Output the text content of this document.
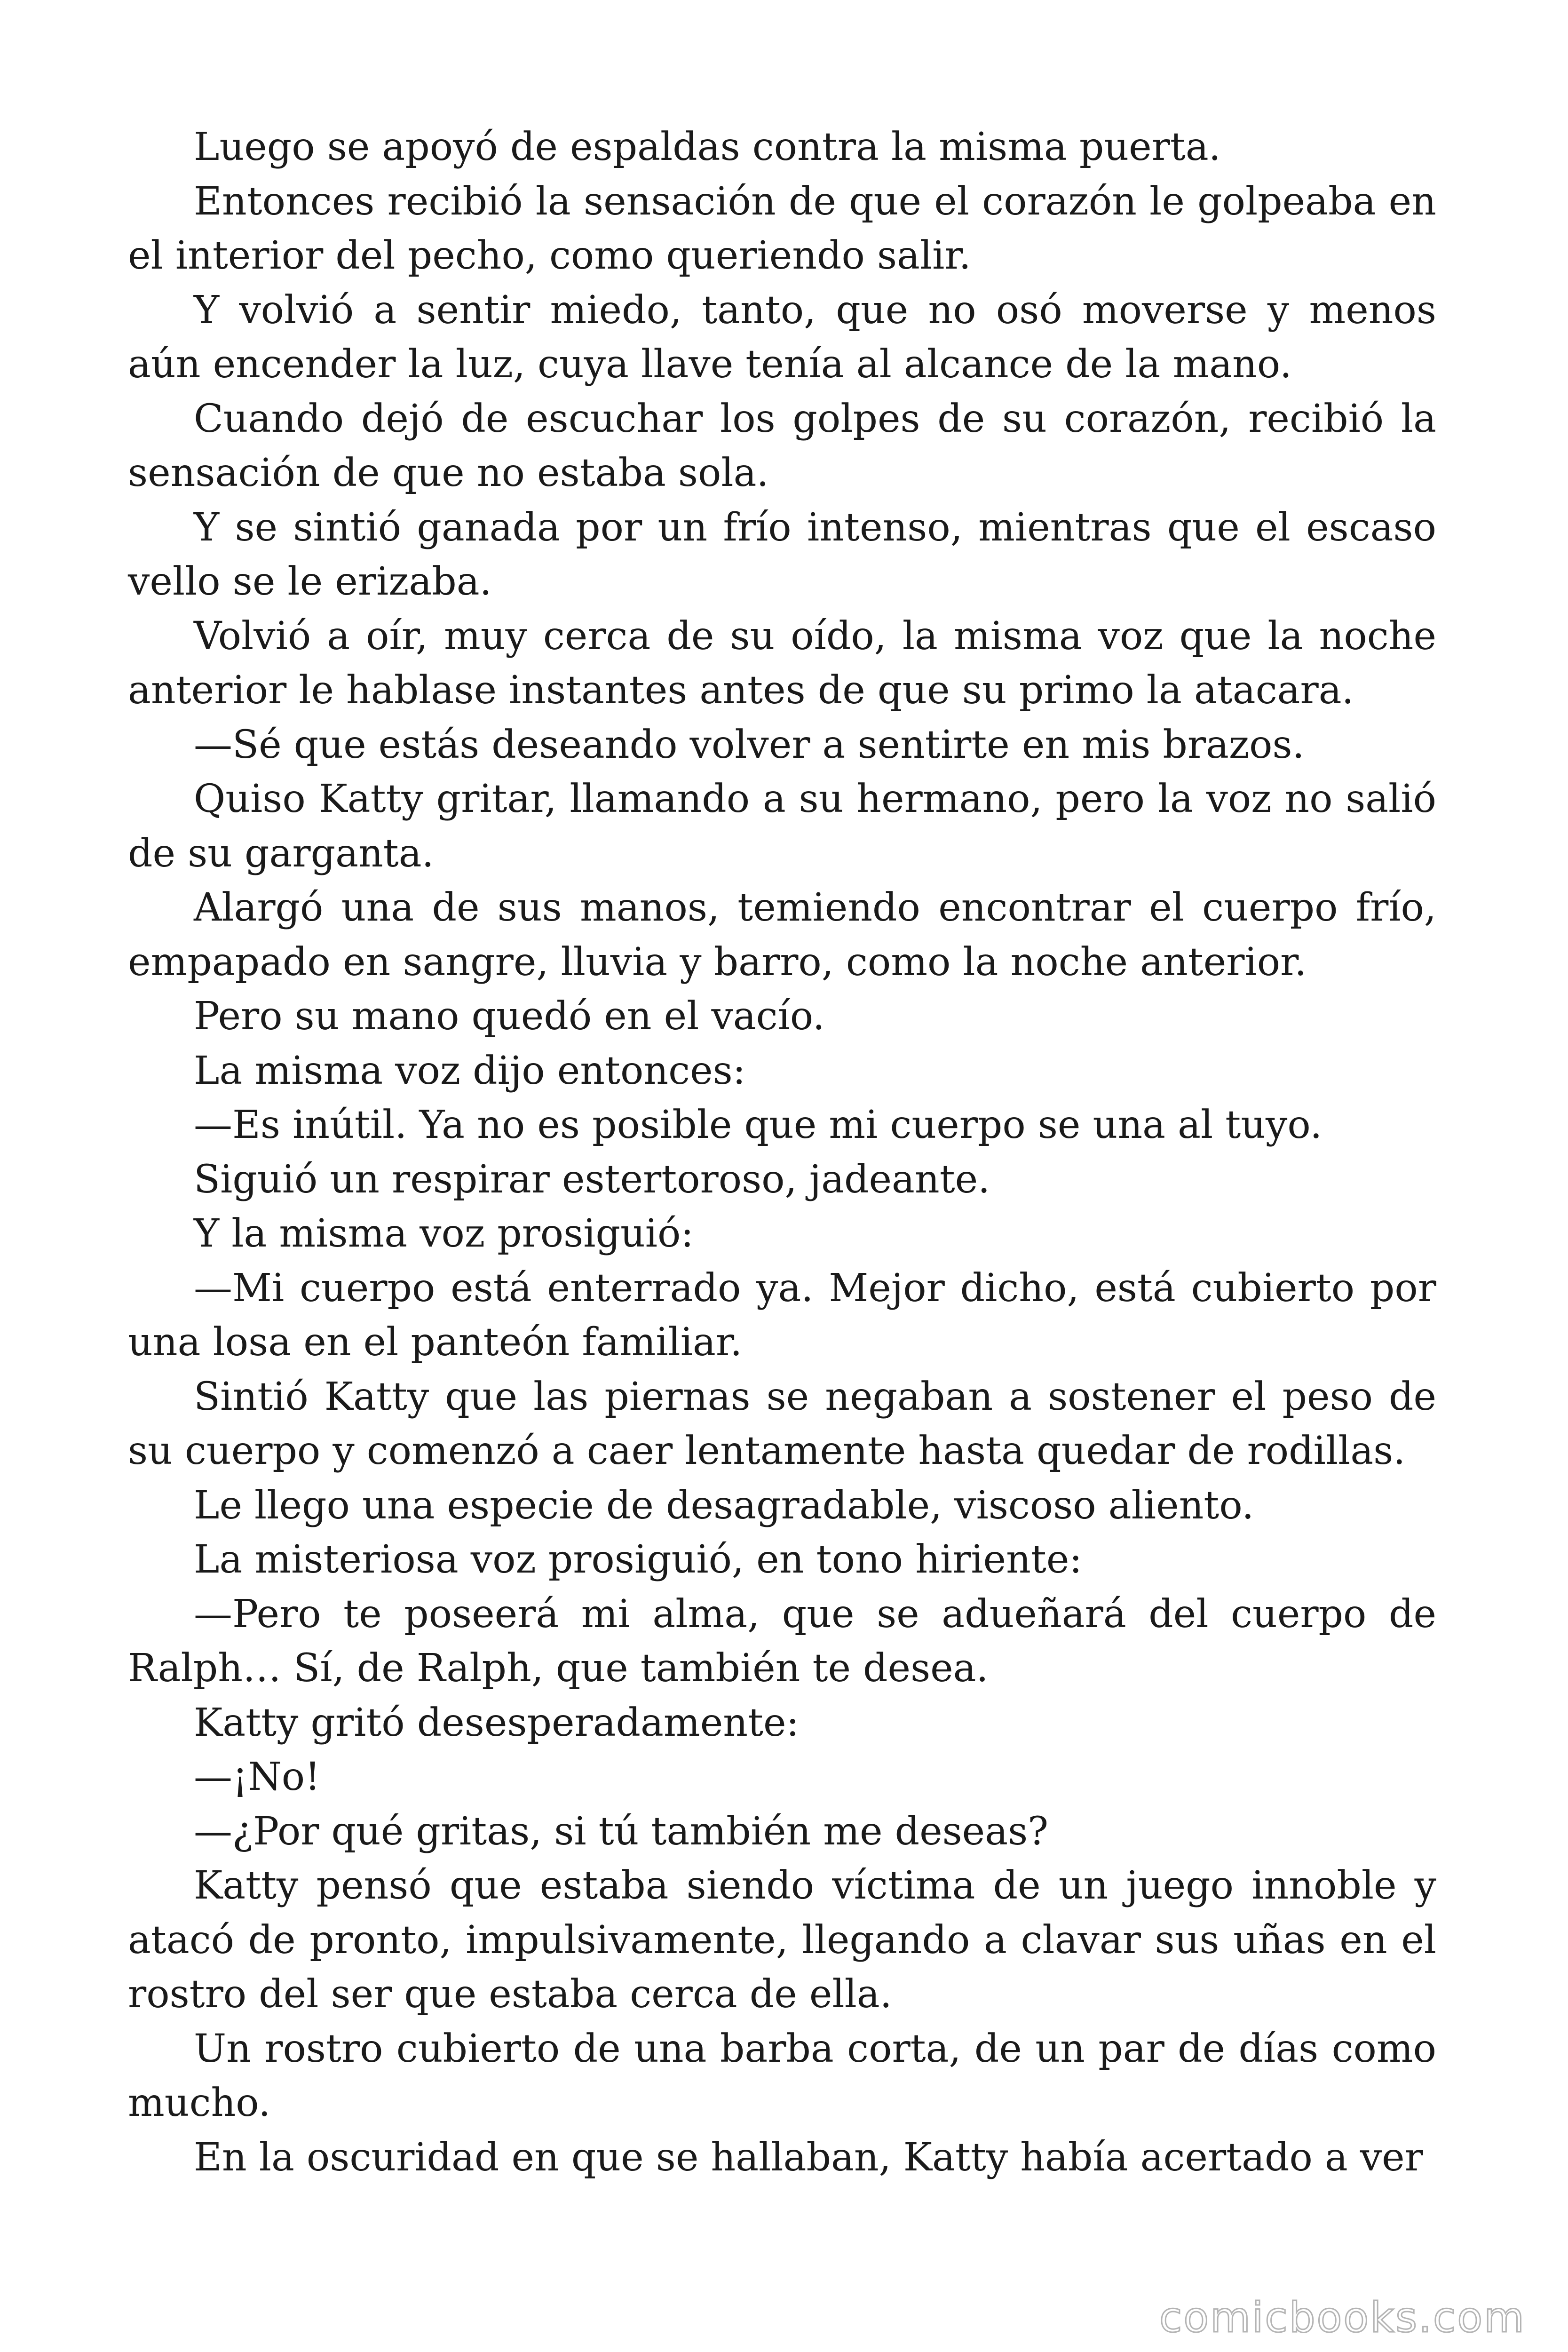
Luego se apoyó de espaldas contra la misma puerta.

Entonces recibió la sensación de que el corazón le golpeaba en el interior del pecho, como queriendo salir.

Y volvió a sentir miedo, tanto, que no osó moverse y menos aún encender la luz, cuya llave tenía al alcance de la mano.

Cuando dejó de escuchar los golpes de su corazón, recibió la sensación de que no estaba sola.

Y se sintió ganada por un frío intenso, mientras que el escaso vello se le erizaba.

Volvió a oír, muy cerca de su oído, la misma voz que la noche anterior le hablase instantes antes de que su primo la atacara.

—Sé que estás deseando volver a sentirte en mis brazos.

Quiso Katty gritar, llamando a su hermano, pero la voz no salió de su garganta.

Alargó una de sus manos, temiendo encontrar el cuerpo frío, empapado en sangre, lluvia y barro, como la noche anterior.

Pero su mano quedó en el vacío.

La misma voz dijo entonces:

—Es inútil. Ya no es posible que mi cuerpo se una al tuyo.

Siguió un respirar estertoroso, jadeante.

Y la misma voz prosiguió:

—Mi cuerpo está enterrado ya. Mejor dicho, está cubierto por una losa en el panteón familiar.

Sintió Katty que las piernas se negaban a sostener el peso de su cuerpo y comenzó a caer lentamente hasta quedar de rodillas.

Le llego una especie de desagradable, viscoso aliento.

La misteriosa voz prosiguió, en tono hiriente:

—Pero te poseerá mi alma, que se adueñará del cuerpo de Ralph… Sí, de Ralph, que también te desea.

Katty gritó desesperadamente:

—¡No!

—¿Por qué gritas, si tú también me deseas?

Katty pensó que estaba siendo víctima de un juego innoble y atacó de pronto, impulsivamente, llegando a clavar sus uñas en el rostro del ser que estaba cerca de ella.

Un rostro cubierto de una barba corta, de un par de días como mucho.

En la oscuridad en que se hallaban, Katty había acertado a ver

comicbooks.com
